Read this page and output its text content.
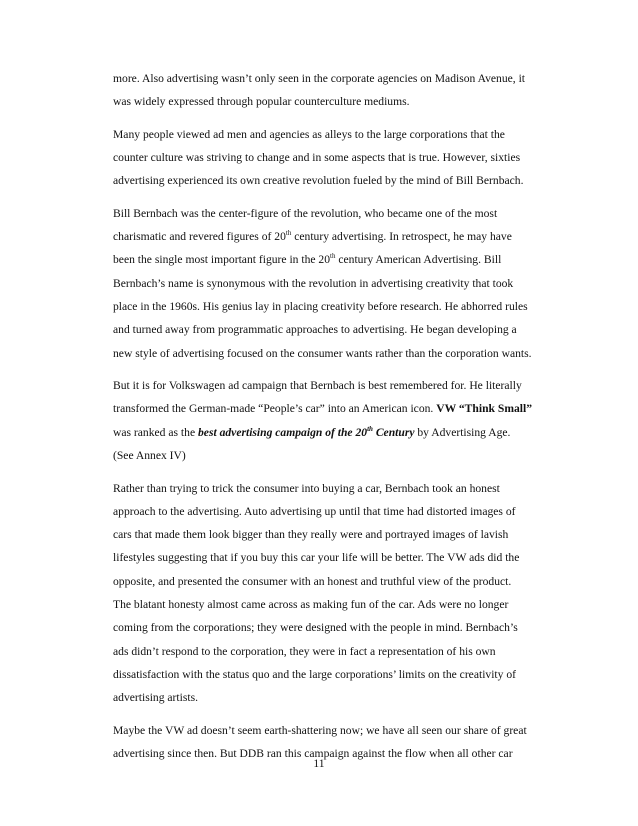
more. Also advertising wasn’t only seen in the corporate agencies on Madison Avenue, it
was widely expressed through popular counterculture mediums.

Many people viewed ad men and agencies as alleys to the large corporations that the
counter culture was striving to change and in some aspects that is true. However, sixties
advertising experienced its own creative revolution fueled by the mind of Bill Bernbach.

Bill Bernbach was the center-figure of the revolution, who became one of the most
charismatic and revered figures of 20th century advertising. In retrospect, he may have
been the single most important figure in the 20th century American Advertising. Bill
Bernbach’s name is synonymous with the revolution in advertising creativity that took
place in the 1960s. His genius lay in placing creativity before research. He abhorred rules
and turned away from programmatic approaches to advertising. He began developing a
new style of advertising focused on the consumer wants rather than the corporation wants.

But it is for Volkswagen ad campaign that Bernbach is best remembered for. He literally
transformed the German-made “People’s car” into an American icon. VW “Think Small”
was ranked as the best advertising campaign of the 20th Century by Advertising Age.
(See Annex IV)

Rather than trying to trick the consumer into buying a car, Bernbach took an honest
approach to the advertising. Auto advertising up until that time had distorted images of
cars that made them look bigger than they really were and portrayed images of lavish
lifestyles suggesting that if you buy this car your life will be better. The VW ads did the
opposite, and presented the consumer with an honest and truthful view of the product.
The blatant honesty almost came across as making fun of the car. Ads were no longer
coming from the corporations; they were designed with the people in mind. Bernbach’s
ads didn’t respond to the corporation, they were in fact a representation of his own
dissatisfaction with the status quo and the large corporations’ limits on the creativity of
advertising artists.

Maybe the VW ad doesn’t seem earth-shattering now; we have all seen our share of great
advertising since then. But DDB ran this campaign against the flow when all other car

11
